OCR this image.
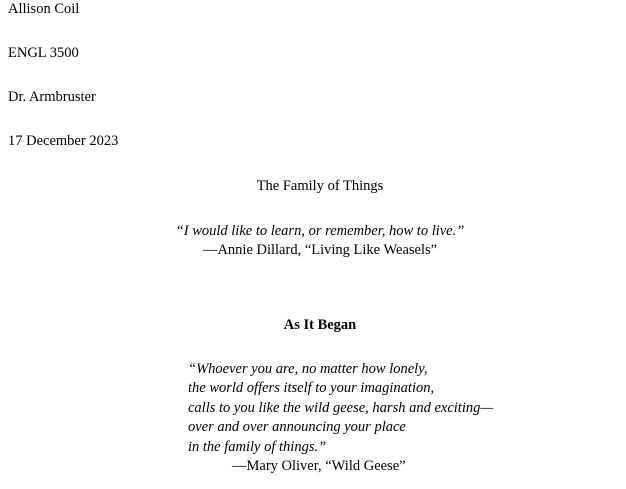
Allison Coil
ENGL 3500
Dr. Armbruster
17 December 2023
The Family of Things
“I would like to learn, or remember, how to live.”
—Annie Dillard, “Living Like Weasels”
As It Began
“Whoever you are, no matter how lonely,
the world offers itself to your imagination,
calls to you like the wild geese, harsh and exciting—
over and over announcing your place
in the family of things.”
—Mary Oliver, “Wild Geese”
